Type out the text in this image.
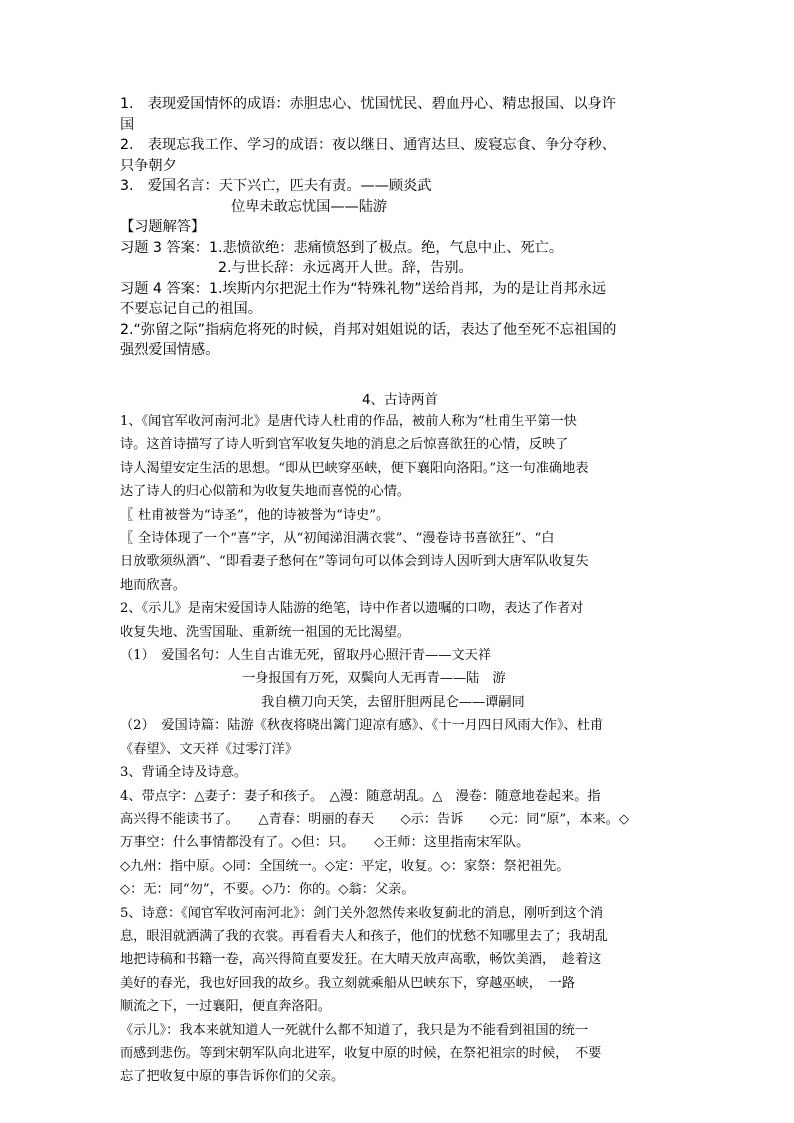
1.　表现爱国情怀的成语：赤胆忠心、忧国忧民、碧血丹心、精忠报国、以身许
国
2.　表现忘我工作、学习的成语：夜以继日、通宵达旦、废寝忘食、争分夺秒、
只争朝夕
3.　爱国名言：天下兴亡，匹夫有责。——顾炎武
位卑未敢忘忧国——陆游
【习题解答】
习题 3 答案：1.悲愤欲绝：悲痛愤怒到了极点。绝，气息中止、死亡。
2.与世长辞：永远离开人世。辞，告别。
习题 4 答案：1.埃斯内尔把泥土作为“特殊礼物”送给肖邦，为的是让肖邦永远
不要忘记自己的祖国。
2.“弥留之际”指病危将死的时候，肖邦对姐姐说的话，表达了他至死不忘祖国的
强烈爱国情感。
4、古诗两首
1、《闻官军收河南河北》是唐代诗人杜甫的作品，被前人称为“杜甫生平第一快
诗。这首诗描写了诗人听到官军收复失地的消息之后惊喜欲狂的心情，反映了
诗人渴望安定生活的思想。“即从巴峡穿巫峡，便下襄阳向洛阳。”这一句准确地表
达了诗人的归心似箭和为收复失地而喜悦的心情。
〖 杜甫被誉为“诗圣”，他的诗被誉为“诗史”。
〖 全诗体现了一个“喜”字，从“初闻涕泪满衣裳”、“漫卷诗书喜欲狂”、“白
日放歌须纵酒”、“即看妻子愁何在”等词句可以体会到诗人因听到大唐军队收复失
地而欣喜。
2、《示儿》是南宋爱国诗人陆游的绝笔，诗中作者以遗嘱的口吻，表达了作者对
收复失地、洗雪国耻、重新统一祖国的无比渴望。
（1）　爱国名句：人生自古谁无死，留取丹心照汗青——文天祥
一身报国有万死，双鬓向人无再青——陆　游
我自横刀向天笑，去留肝胆两昆仑——谭嗣同
（2）　爱国诗篇：陆游《秋夜将晓出篱门迎凉有感》、《十一月四日风雨大作》、杜甫
《春望》、文天祥《过零汀洋》
3、背诵全诗及诗意。
4、带点字：△妻子：妻子和孩子。　△漫：随意胡乱。△　漫卷：随意地卷起来。指
高兴得不能读书了。　　△青春：明丽的春天　　◇示：告诉　　◇元：同“原”，本来。◇
万事空：什么事情都没有了。◇但：只。　　◇王师：这里指南宋军队。
◇九州：指中原。◇同：全国统一。◇定：平定，收复。◇：家祭：祭祀祖先。
◇：无：同“勿”，不要。◇乃：你的。◇翁：父亲。
5、诗意：《闻官军收河南河北》：剑门关外忽然传来收复蓟北的消息，刚听到这个消
息，眼泪就洒满了我的衣裳。再看看夫人和孩子，他们的忧愁不知哪里去了；我胡乱
地把诗稿和书籍一卷，高兴得简直要发狂。在大晴天放声高歌，畅饮美酒，　趁着这
美好的春光，我也好回我的故乡。我立刻就乘船从巴峡东下，穿越巫峡，　一路
顺流之下，一过襄阳，便直奔洛阳。
《示儿》：我本来就知道人一死就什么都不知道了，我只是为不能看到祖国的统一
而感到悲伤。等到宋朝军队向北进军，收复中原的时候，在祭祀祖宗的时候，　不要
忘了把收复中原的事告诉你们的父亲。
